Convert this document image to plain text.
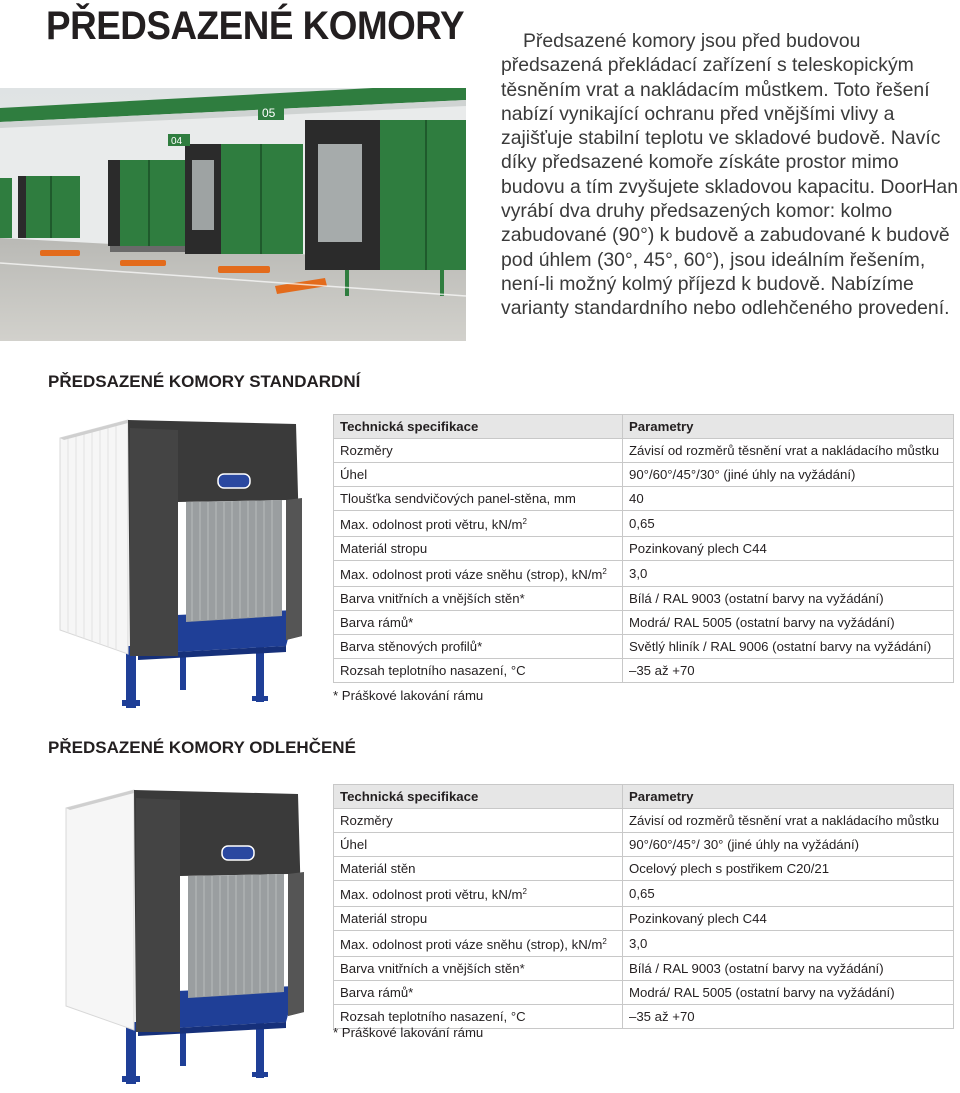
PŘEDSAZENÉ KOMORY	Předsazené komory jsou před budovou předsazená překládací zařízení s teleskopickým těsněním vrat a nakládacím můstkem. Toto řešení nabízí vynikající ochranu před vnějšími vlivy a zajišťuje stabilní teplotu ve skladové budově. Navíc díky předsazené komoře získáte prostor mimo budovu a tím zvyšujete skladovou kapacitu. DoorHan vyrábí dva druhy předsazených komor: kolmo zabudované (90°) k budově a zabudované k budově pod úhlem (30°, 45°, 60°), jsou ideálním řešením, není-li možný kolmý příjezd k budově. Nabízíme varianty standardního nebo odlehčeného provedení.
04
05
PŘEDSAZENÉ KOMORY STANDARDNÍ
Technická specifikace	Parametry
Rozměry	Závisí od rozměrů těsnění vrat a nakládacího můstku
Úhel	90°/60°/45°/30° (jiné úhly na vyžádání)
Tloušťka sendvičových panel-stěna, mm	40
Max. odolnost proti větru, $kN/m^2$	0,65
Materiál stropu	Pozinkovaný plech C44
Max. odolnost proti váze sněhu (strop), $kN/m^2$	3,0
Barva vnitřních a vnějších stěn*	Bílá / RAL 9003 (ostatní barvy na vyžádání)
Barva rámů*	Modrá/ RAL 5005 (ostatní barvy na vyžádání)
Barva stěnových profilů*	Světlý hliník / RAL 9006 (ostatní barvy na vyžádání)
Rozsah teplotního nasazení, °C	–35 až +70
* Práškové lakování rámu
PŘEDSAZENÉ KOMORY ODLEHČENÉ
Technická specifikace	Parametry
Rozměry	Závisí od rozměrů těsnění vrat a nakládacího můstku
Úhel	90°/60°/45°/ 30° (jiné úhly na vyžádání)
Materiál stěn	Ocelový plech s postřikem C20/21
Max. odolnost proti větru, $kN/m^2$	0,65
Materiál stropu	Pozinkovaný plech C44
Max. odolnost proti váze sněhu (strop), $kN/m^2$	3,0
Barva vnitřních a vnějších stěn*	Bílá / RAL 9003 (ostatní barvy na vyžádání)
Barva rámů*	Modrá/ RAL 5005 (ostatní barvy na vyžádání)
Rozsah teplotního nasazení, °C	–35 až +70
* Práškové lakování rámu
